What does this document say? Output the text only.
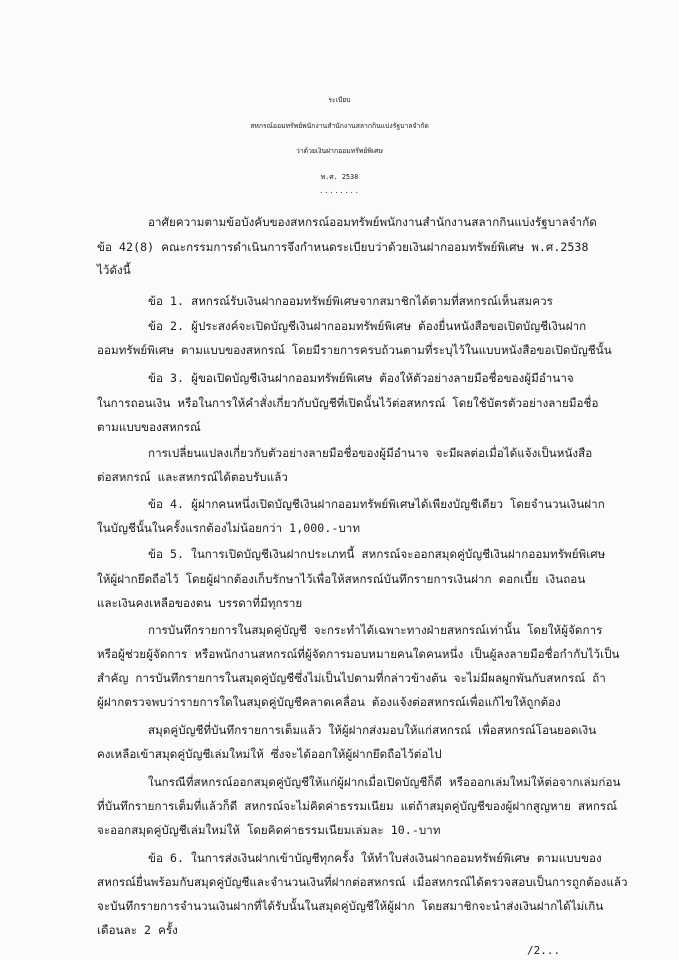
ระเบียบ
สหกรณ์ออมทรัพย์พนักงานสำนักงานสลากกินแบ่งรัฐบาลจำกัด
ว่าด้วยเงินฝากออมทรัพย์พิเศษ
พ.ศ. 2538
........
อาศัยความตามข้อบังคับของสหกรณ์ออมทรัพย์พนักงานสำนักงานสลากกินแบ่งรัฐบาลจำกัด
ข้อ 42(8) คณะกรรมการดำเนินการจึงกำหนดระเบียบว่าด้วยเงินฝากออมทรัพย์พิเศษ พ.ศ.2538
ไว้ดังนี้
ข้อ 1. สหกรณ์รับเงินฝากออมทรัพย์พิเศษจากสมาชิกได้ตามที่สหกรณ์เห็นสมควร
ข้อ 2. ผู้ประสงค์จะเปิดบัญชีเงินฝากออมทรัพย์พิเศษ ต้องยื่นหนังสือขอเปิดบัญชีเงินฝาก
ออมทรัพย์พิเศษ ตามแบบของสหกรณ์ โดยมีรายการครบถ้วนตามที่ระบุไว้ในแบบหนังสือขอเปิดบัญชีนั้น
ข้อ 3. ผู้ขอเปิดบัญชีเงินฝากออมทรัพย์พิเศษ ต้องให้ตัวอย่างลายมือชื่อของผู้มีอำนาจ
ในการถอนเงิน หรือในการให้คำสั่งเกี่ยวกับบัญชีที่เปิดนั้นไว้ต่อสหกรณ์ โดยใช้บัตรตัวอย่างลายมือชื่อ
ตามแบบของสหกรณ์
การเปลี่ยนแปลงเกี่ยวกับตัวอย่างลายมือชื่อของผู้มีอำนาจ จะมีผลต่อเมื่อได้แจ้งเป็นหนังสือ
ต่อสหกรณ์ และสหกรณ์ได้ตอบรับแล้ว
ข้อ 4. ผู้ฝากคนหนึ่งเปิดบัญชีเงินฝากออมทรัพย์พิเศษได้เพียงบัญชีเดียว โดยจำนวนเงินฝาก
ในบัญชีนั้นในครั้งแรกต้องไม่น้อยกว่า 1,000.-บาท
ข้อ 5. ในการเปิดบัญชีเงินฝากประเภทนี้ สหกรณ์จะออกสมุดคู่บัญชีเงินฝากออมทรัพย์พิเศษ
ให้ผู้ฝากยึดถือไว้ โดยผู้ฝากต้องเก็บรักษาไว้เพื่อให้สหกรณ์บันทึกรายการเงินฝาก ดอกเบี้ย เงินถอน
และเงินคงเหลือของตน บรรดาที่มีทุกราย
การบันทึกรายการในสมุดคู่บัญชี จะกระทำได้เฉพาะทางฝ่ายสหกรณ์เท่านั้น โดยให้ผู้จัดการ
หรือผู้ช่วยผู้จัดการ หรือพนักงานสหกรณ์ที่ผู้จัดการมอบหมายคนใดคนหนึ่ง เป็นผู้ลงลายมือชื่อกำกับไว้เป็น
สำคัญ การบันทึกรายการในสมุดคู่บัญชีซึ่งไม่เป็นไปตามที่กล่าวข้างต้น จะไม่มีผลผูกพันกับสหกรณ์ ถ้า
ผู้ฝากตรวจพบว่ารายการใดในสมุดคู่บัญชีคลาดเคลื่อน ต้องแจ้งต่อสหกรณ์เพื่อแก้ไขให้ถูกต้อง
สมุดคู่บัญชีที่บันทึกรายการเต็มแล้ว ให้ผู้ฝากส่งมอบให้แก่สหกรณ์ เพื่อสหกรณ์โอนยอดเงิน
คงเหลือเข้าสมุดคู่บัญชีเล่มใหม่ให้ ซึ่งจะได้ออกให้ผู้ฝากยึดถือไว้ต่อไป
ในกรณีที่สหกรณ์ออกสมุดคู่บัญชีให้แก่ผู้ฝากเมื่อเปิดบัญชีก็ดี หรือออกเล่มใหม่ให้ต่อจากเล่มก่อน
ที่บันทึกรายการเต็มที่แล้วก็ดี สหกรณ์จะไม่คิดค่าธรรมเนียม แต่ถ้าสมุดคู่บัญชีของผู้ฝากสูญหาย สหกรณ์
จะออกสมุดคู่บัญชีเล่มใหม่ให้ โดยคิดค่าธรรมเนียมเล่มละ 10.-บาท
ข้อ 6. ในการส่งเงินฝากเข้าบัญชีทุกครั้ง ให้ทำใบส่งเงินฝากออมทรัพย์พิเศษ ตามแบบของ
สหกรณ์ยื่นพร้อมกับสมุดคู่บัญชีและจำนวนเงินที่ฝากต่อสหกรณ์ เมื่อสหกรณ์ได้ตรวจสอบเป็นการถูกต้องแล้ว
จะบันทึกรายการจำนวนเงินฝากที่ได้รับนั้นในสมุดคู่บัญชีให้ผู้ฝาก โดยสมาชิกจะนำส่งเงินฝากได้ไม่เกิน
เดือนละ 2 ครั้ง
/2...
